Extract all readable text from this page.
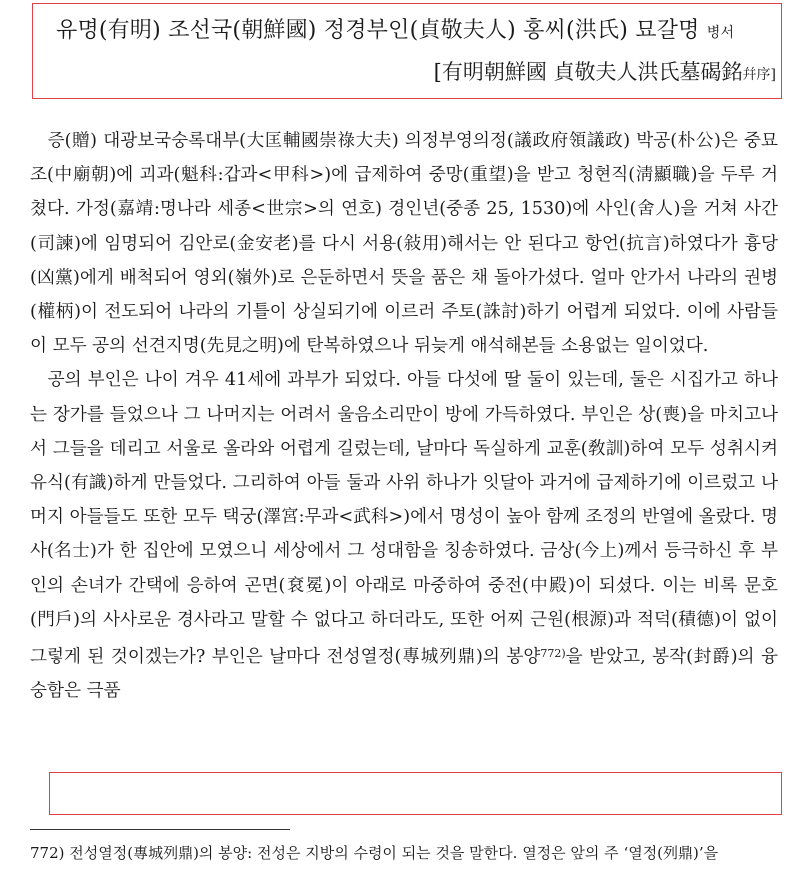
유명(有明) 조선국(朝鮮國) 정경부인(貞敬夫人) 홍씨(洪氏) 묘갈명 병서
[有明朝鮮國 貞敬夫人洪氏墓碣銘幷序]

증(贈) 대광보국숭록대부(大匡輔國崇祿大夫) 의정부영의정(議政府領議政) 박공(朴公)은 중묘조(中廟朝)에 괴과(魁科:갑과<甲科>)에 급제하여 중망(重望)을 받고 청현직(淸顯職)을 두루 거쳤다. 가정(嘉靖:명나라 세종<世宗>의 연호) 경인년(중종 25, 1530)에 사인(舍人)을 거쳐 사간(司諫)에 임명되어 김안로(金安老)를 다시 서용(敍用)해서는 안 된다고 항언(抗言)하였다가 흉당(凶黨)에게 배척되어 영외(嶺外)로 은둔하면서 뜻을 품은 채 돌아가셨다. 얼마 안가서 나라의 권병(權柄)이 전도되어 나라의 기틀이 상실되기에 이르러 주토(誅討)하기 어렵게 되었다. 이에 사람들이 모두 공의 선견지명(先見之明)에 탄복하였으나 뒤늦게 애석해본들 소용없는 일이었다.

공의 부인은 나이 겨우 41세에 과부가 되었다. 아들 다섯에 딸 둘이 있는데, 둘은 시집가고 하나는 장가를 들었으나 그 나머지는 어려서 울음소리만이 방에 가득하였다. 부인은 상(喪)을 마치고나서 그들을 데리고 서울로 올라와 어렵게 길렀는데, 날마다 독실하게 교훈(敎訓)하여 모두 성취시켜 유식(有識)하게 만들었다. 그리하여 아들 둘과 사위 하나가 잇달아 과거에 급제하기에 이르렀고 나머지 아들들도 또한 모두 택궁(澤宮:무과<武科>)에서 명성이 높아 함께 조정의 반열에 올랐다. 명사(名士)가 한 집안에 모였으니 세상에서 그 성대함을 칭송하였다. 금상(今上)께서 등극하신 후 부인의 손녀가 간택에 응하여 곤면(袞冕)이 아래로 마중하여 중전(中殿)이 되셨다. 이는 비록 문호(門戶)의 사사로운 경사라고 말할 수 없다고 하더라도, 또한 어찌 근원(根源)과 적덕(積德)이 없이 그렇게 된 것이겠는가? 부인은 날마다 전성열정(專城列鼎)의 봉양$^{772)}$을 받았고, 봉작(封爵)의 융숭함은 극품

772) 전성열정(專城列鼎)의 봉양: 전성은 지방의 수령이 되는 것을 말한다. 열정은 앞의 주 ‘열정(列鼎)’을
